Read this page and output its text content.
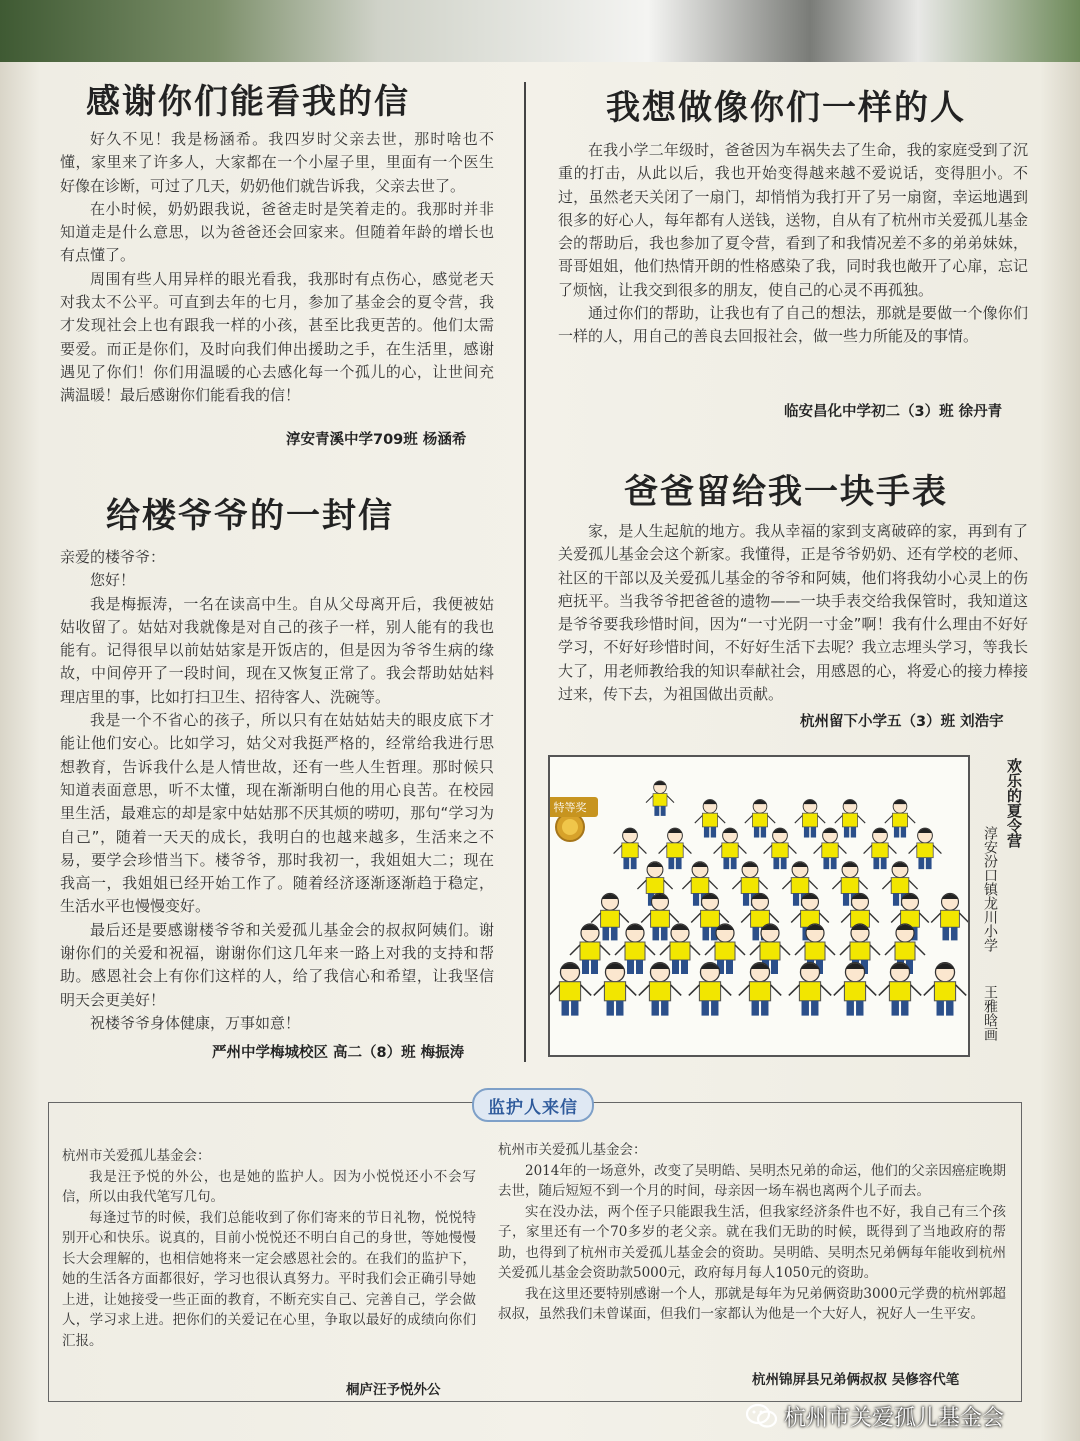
感谢你们能看我的信

好久不见！我是杨涵希。我四岁时父亲去世，那时啥也不懂，家里来了许多人，大家都在一个小屋子里，里面有一个医生好像在诊断，可过了几天，奶奶他们就告诉我，父亲去世了。

在小时候，奶奶跟我说，爸爸走时是笑着走的。我那时并非知道走是什么意思，以为爸爸还会回家来。但随着年龄的增长也有点懂了。

周围有些人用异样的眼光看我，我那时有点伤心，感觉老天对我太不公平。可直到去年的七月，参加了基金会的夏令营，我才发现社会上也有跟我一样的小孩，甚至比我更苦的。他们太需要爱。而正是你们，及时向我们伸出援助之手，在生活里，感谢遇见了你们！你们用温暖的心去感化每一个孤儿的心，让世间充满温暖！最后感谢你们能看我的信！

淳安青溪中学709班 杨涵希
给楼爷爷的一封信

亲爱的楼爷爷：

您好！

我是梅振涛，一名在读高中生。自从父母离开后，我便被姑姑收留了。姑姑对我就像是对自己的孩子一样，别人能有的我也能有。记得很早以前姑姑家是开饭店的，但是因为爷爷生病的缘故，中间停开了一段时间，现在又恢复正常了。我会帮助姑姑料理店里的事，比如打扫卫生、招待客人、洗碗等。

我是一个不省心的孩子，所以只有在姑姑姑夫的眼皮底下才能让他们安心。比如学习，姑父对我挺严格的，经常给我进行思想教育，告诉我什么是人情世故，还有一些人生哲理。那时候只知道表面意思，听不太懂，现在渐渐明白他的用心良苦。在校园里生活，最难忘的却是家中姑姑那不厌其烦的唠叨，那句“学习为自己”，随着一天天的成长，我明白的也越来越多，生活来之不易，要学会珍惜当下。楼爷爷，那时我初一，我姐姐大二；现在我高一，我姐姐已经开始工作了。随着经济逐渐逐渐趋于稳定，生活水平也慢慢变好。

最后还是要感谢楼爷爷和关爱孤儿基金会的叔叔阿姨们。谢谢你们的关爱和祝福，谢谢你们这几年来一路上对我的支持和帮助。感恩社会上有你们这样的人，给了我信心和希望，让我坚信明天会更美好！

祝楼爷爷身体健康，万事如意！

严州中学梅城校区 高二（8）班 梅振涛
我想做像你们一样的人

在我小学二年级时，爸爸因为车祸失去了生命，我的家庭受到了沉重的打击，从此以后，我也开始变得越来越不爱说话，变得胆小。不过，虽然老天关闭了一扇门，却悄悄为我打开了另一扇窗，幸运地遇到很多的好心人，每年都有人送钱，送物，自从有了杭州市关爱孤儿基金会的帮助后，我也参加了夏令营，看到了和我情况差不多的弟弟妹妹，哥哥姐姐，他们热情开朗的性格感染了我，同时我也敞开了心扉，忘记了烦恼，让我交到很多的朋友，使自己的心灵不再孤独。

通过你们的帮助，让我也有了自己的想法，那就是要做一个像你们一样的人，用自己的善良去回报社会，做一些力所能及的事情。

临安昌化中学初二（3）班 徐丹青
爸爸留给我一块手表

家，是人生起航的地方。我从幸福的家到支离破碎的家，再到有了关爱孤儿基金会这个新家。我懂得，正是爷爷奶奶、还有学校的老师、社区的干部以及关爱孤儿基金的爷爷和阿姨，他们将我幼小心灵上的伤疤抚平。当我爷爷把爸爸的遗物——一块手表交给我保管时，我知道这是爷爷要我珍惜时间，因为“一寸光阴一寸金”啊！我有什么理由不好好学习，不好好珍惜时间，不好好生活下去呢？我立志埋头学习，等我长大了，用老师教给我的知识奉献社会，用感恩的心，将爱心的接力棒接过来，传下去，为祖国做出贡献。

杭州留下小学五（3）班 刘浩宇
特等奖	欢乐的夏令营
淳安汾口镇龙川小学
王雅晗画
监护人来信

杭州市关爱孤儿基金会：

我是汪予悦的外公，也是她的监护人。因为小悦悦还小不会写信，所以由我代笔写几句。

每逢过节的时候，我们总能收到了你们寄来的节日礼物，悦悦特别开心和快乐。说真的，目前小悦悦还不明白自己的身世，等她慢慢长大会理解的，也相信她将来一定会感恩社会的。在我们的监护下，她的生活各方面都很好，学习也很认真努力。平时我们会正确引导她上进，让她接受一些正面的教育，不断充实自己、完善自己，学会做人，学习求上进。把你们的关爱记在心里，争取以最好的成绩向你们汇报。

桐庐汪予悦外公

杭州市关爱孤儿基金会：

2014年的一场意外，改变了吴明皓、吴明杰兄弟的命运，他们的父亲因癌症晚期去世，随后短短不到一个月的时间，母亲因一场车祸也离两个儿子而去。

实在没办法，两个侄子只能跟我生活，但我家经济条件也不好，我自己有三个孩子，家里还有一个70多岁的老父亲。就在我们无助的时候，既得到了当地政府的帮助，也得到了杭州市关爱孤儿基金会的资助。吴明皓、吴明杰兄弟俩每年能收到杭州关爱孤儿基金会资助款5000元，政府每月每人1050元的资助。

我在这里还要特别感谢一个人，那就是每年为兄弟俩资助3000元学费的杭州郭超叔叔，虽然我们未曾谋面，但我们一家都认为他是一个大好人，祝好人一生平安。

杭州锦屏县兄弟俩叔叔 吴修容代笔
杭州市关爱孤儿基金会
